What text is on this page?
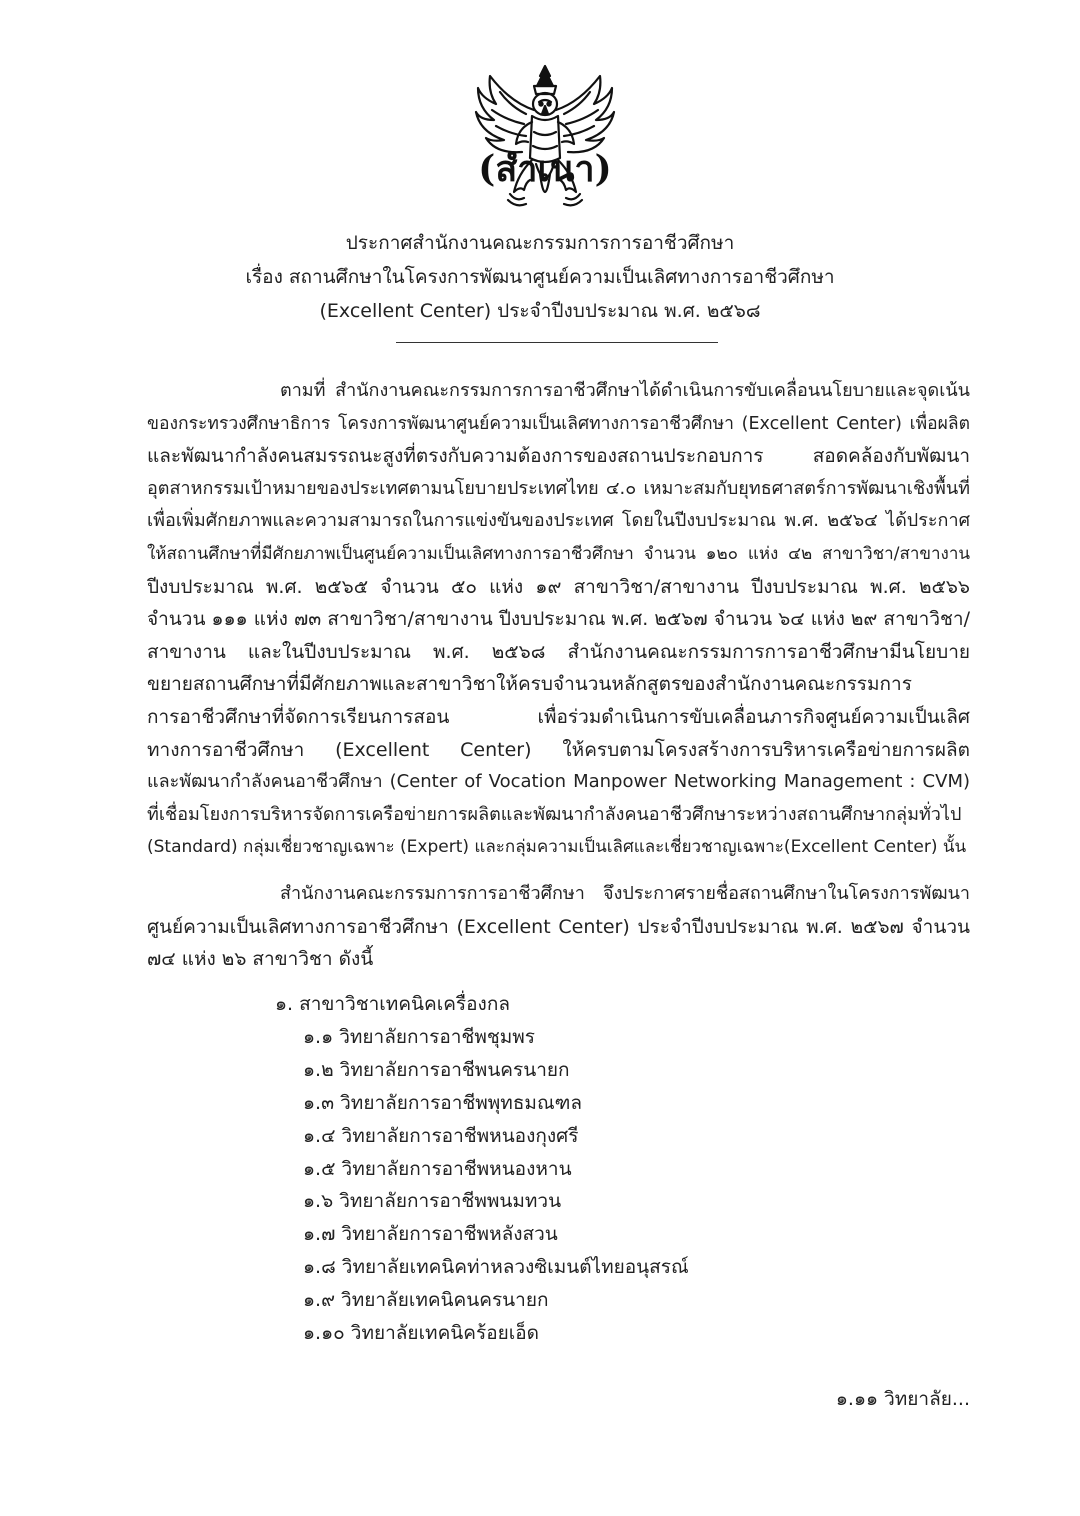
(สำเนา)
ประกาศสำนักงานคณะกรรมการการอาชีวศึกษา
เรื่อง สถานศึกษาในโครงการพัฒนาศูนย์ความเป็นเลิศทางการอาชีวศึกษา
(Excellent Center) ประจำปีงบประมาณ พ.ศ. ๒๕๖๘
ตามที่ สำนักงานคณะกรรมการการอาชีวศึกษาได้ดำเนินการขับเคลื่อนนโยบายและจุดเน้น
ของกระทรวงศึกษาธิการ โครงการพัฒนาศูนย์ความเป็นเลิศทางการอาชีวศึกษา (Excellent Center) เพื่อผลิต
และพัฒนากำลังคนสมรรถนะสูงที่ตรงกับความต้องการของสถานประกอบการ สอดคล้องกับพัฒนา
อุตสาหกรรมเป้าหมายของประเทศตามนโยบายประเทศไทย ๔.๐ เหมาะสมกับยุทธศาสตร์การพัฒนาเชิงพื้นที่
เพื่อเพิ่มศักยภาพและความสามารถในการแข่งขันของประเทศ โดยในปีงบประมาณ พ.ศ. ๒๕๖๔ ได้ประกาศ
ให้สถานศึกษาที่มีศักยภาพเป็นศูนย์ความเป็นเลิศทางการอาชีวศึกษา จำนวน ๑๒๐ แห่ง ๔๒ สาขาวิชา/สาขางาน
ปีงบประมาณ พ.ศ. ๒๕๖๕ จำนวน ๕๐ แห่ง ๑๙ สาขาวิชา/สาขางาน ปีงบประมาณ พ.ศ. ๒๕๖๖
จำนวน ๑๑๑ แห่ง ๗๓ สาขาวิชา/สาขางาน ปีงบประมาณ พ.ศ. ๒๕๖๗ จำนวน ๖๔ แห่ง ๒๙ สาขาวิชา/
สาขางาน และในปีงบประมาณ พ.ศ. ๒๕๖๘ สำนักงานคณะกรรมการการอาชีวศึกษามีนโยบาย
ขยายสถานศึกษาที่มีศักยภาพและสาขาวิชาให้ครบจำนวนหลักสูตรของสำนักงานคณะกรรมการ
การอาชีวศึกษาที่จัดการเรียนการสอน เพื่อร่วมดำเนินการขับเคลื่อนภารกิจศูนย์ความเป็นเลิศ
ทางการอาชีวศึกษา (Excellent Center) ให้ครบตามโครงสร้างการบริหารเครือข่ายการผลิต
และพัฒนากำลังคนอาชีวศึกษา (Center of Vocation Manpower Networking Management : CVM)
ที่เชื่อมโยงการบริหารจัดการเครือข่ายการผลิตและพัฒนากำลังคนอาชีวศึกษาระหว่างสถานศึกษากลุ่มทั่วไป
(Standard) กลุ่มเชี่ยวชาญเฉพาะ (Expert) และกลุ่มความเป็นเลิศและเชี่ยวชาญเฉพาะ(Excellent Center) นั้น
สำนักงานคณะกรรมการการอาชีวศึกษา จึงประกาศรายชื่อสถานศึกษาในโครงการพัฒนา
ศูนย์ความเป็นเลิศทางการอาชีวศึกษา (Excellent Center) ประจำปีงบประมาณ พ.ศ. ๒๕๖๗ จำนวน
๗๔ แห่ง ๒๖ สาขาวิชา ดังนี้
๑. สาขาวิชาเทคนิคเครื่องกล
๑.๑ วิทยาลัยการอาชีพชุมพร
๑.๒ วิทยาลัยการอาชีพนครนายก
๑.๓ วิทยาลัยการอาชีพพุทธมณฑล
๑.๔ วิทยาลัยการอาชีพหนองกุงศรี
๑.๕ วิทยาลัยการอาชีพหนองหาน
๑.๖ วิทยาลัยการอาชีพพนมทวน
๑.๗ วิทยาลัยการอาชีพหลังสวน
๑.๘ วิทยาลัยเทคนิคท่าหลวงซิเมนต์ไทยอนุสรณ์
๑.๙ วิทยาลัยเทคนิคนครนายก
๑.๑๐ วิทยาลัยเทคนิคร้อยเอ็ด
๑.๑๑ วิทยาลัย...
